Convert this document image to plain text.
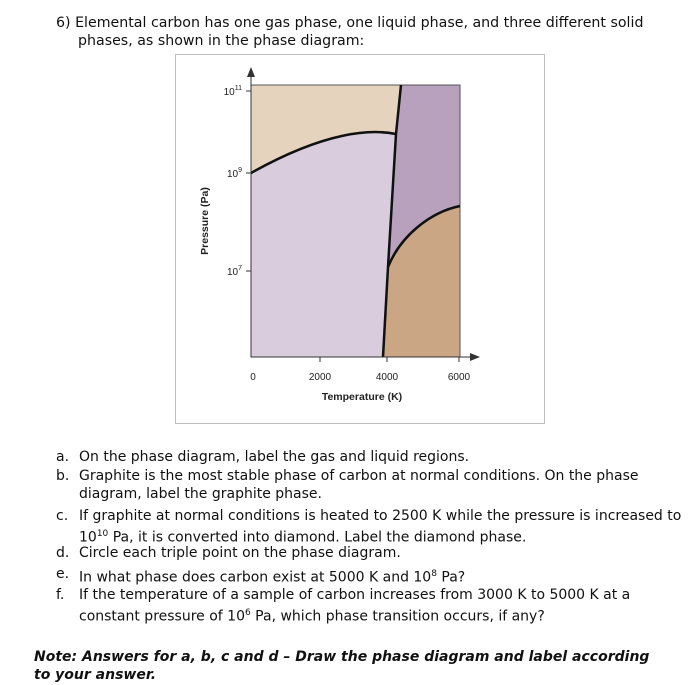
6) Elemental carbon has one gas phase, one liquid phase, and three different solid
phases, as shown in the phase diagram:
$10^{11}$
$10^9$
$10^7$
0	2000	4000	6000
Temperature (K)
Pressure (Pa)
a. On the phase diagram, label the gas and liquid regions.
b. Graphite is the most stable phase of carbon at normal conditions. On the phase
diagram, label the graphite phase.
c. If graphite at normal conditions is heated to 2500 K while the pressure is increased to
$10^{10}$ Pa, it is converted into diamond. Label the diamond phase.
d. Circle each triple point on the phase diagram.
e. In what phase does carbon exist at 5000 K and $10^8$ Pa?
f. If the temperature of a sample of carbon increases from 3000 K to 5000 K at a
constant pressure of $10^6$ Pa, which phase transition occurs, if any?
Note: Answers for a, b, c and d – Draw the phase diagram and label according to your answer.
